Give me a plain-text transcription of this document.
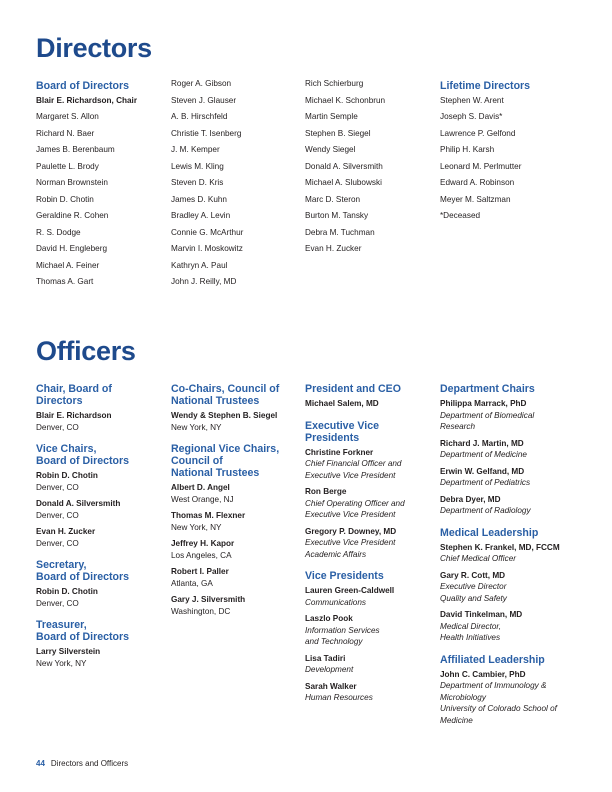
Directors
Board of Directors
Blair E. Richardson, Chair
Margaret S. Allon
Richard N. Baer
James B. Berenbaum
Paulette L. Brody
Norman Brownstein
Robin D. Chotin
Geraldine R. Cohen
R. S. Dodge
David H. Engleberg
Michael A. Feiner
Thomas A. Gart
Roger A. Gibson
Steven J. Glauser
A. B. Hirschfeld
Christie T. Isenberg
J. M. Kemper
Lewis M. Kling
Steven D. Kris
James D. Kuhn
Bradley A. Levin
Connie G. McArthur
Marvin I. Moskowitz
Kathryn A. Paul
John J. Reilly, MD
Rich Schierburg
Michael K. Schonbrun
Martin Semple
Stephen B. Siegel
Wendy Siegel
Donald A. Silversmith
Michael A. Slubowski
Marc D. Steron
Burton M. Tansky
Debra M. Tuchman
Evan H. Zucker
Lifetime Directors
Stephen W. Arent
Joseph S. Davis*
Lawrence P. Gelfond
Philip H. Karsh
Leonard M. Perlmutter
Edward A. Robinson
Meyer M. Saltzman
*Deceased
Officers
Chair, Board of
Directors
Blair E. Richardson
Denver, CO
Vice Chairs,
Board of Directors
Robin D. Chotin
Denver, CO
Donald A. Silversmith
Denver, CO
Evan H. Zucker
Denver, CO
Secretary,
Board of Directors
Robin D. Chotin
Denver, CO
Treasurer,
Board of Directors
Larry Silverstein
New York, NY
Co-Chairs, Council of
National Trustees
Wendy & Stephen B. Siegel
New York, NY
Regional Vice Chairs,
Council of
National Trustees
Albert D. Angel
West Orange, NJ
Thomas M. Flexner
New York, NY
Jeffrey H. Kapor
Los Angeles, CA
Robert I. Paller
Atlanta, GA
Gary J. Silversmith
Washington, DC
President and CEO
Michael Salem, MD
Executive Vice
Presidents
Christine Forkner
Chief Financial Officer and
Executive Vice President
Ron Berge
Chief Operating Officer and
Executive Vice President
Gregory P. Downey, MD
Executive Vice President
Academic Affairs
Vice Presidents
Lauren Green-Caldwell
Communications
Laszlo Pook
Information Services
and Technology
Lisa Tadiri
Development
Sarah Walker
Human Resources
Department Chairs
Philippa Marrack, PhD
Department of Biomedical
Research
Richard J. Martin, MD
Department of Medicine
Erwin W. Gelfand, MD
Department of Pediatrics
Debra Dyer, MD
Department of Radiology
Medical Leadership
Stephen K. Frankel, MD, FCCM
Chief Medical Officer
Gary R. Cott, MD
Executive Director
Quality and Safety
David Tinkelman, MD
Medical Director,
Health Initiatives
Affiliated Leadership
John C. Cambier, PhD
Department of Immunology &
Microbiology
University of Colorado School of
Medicine
44 Directors and Officers
